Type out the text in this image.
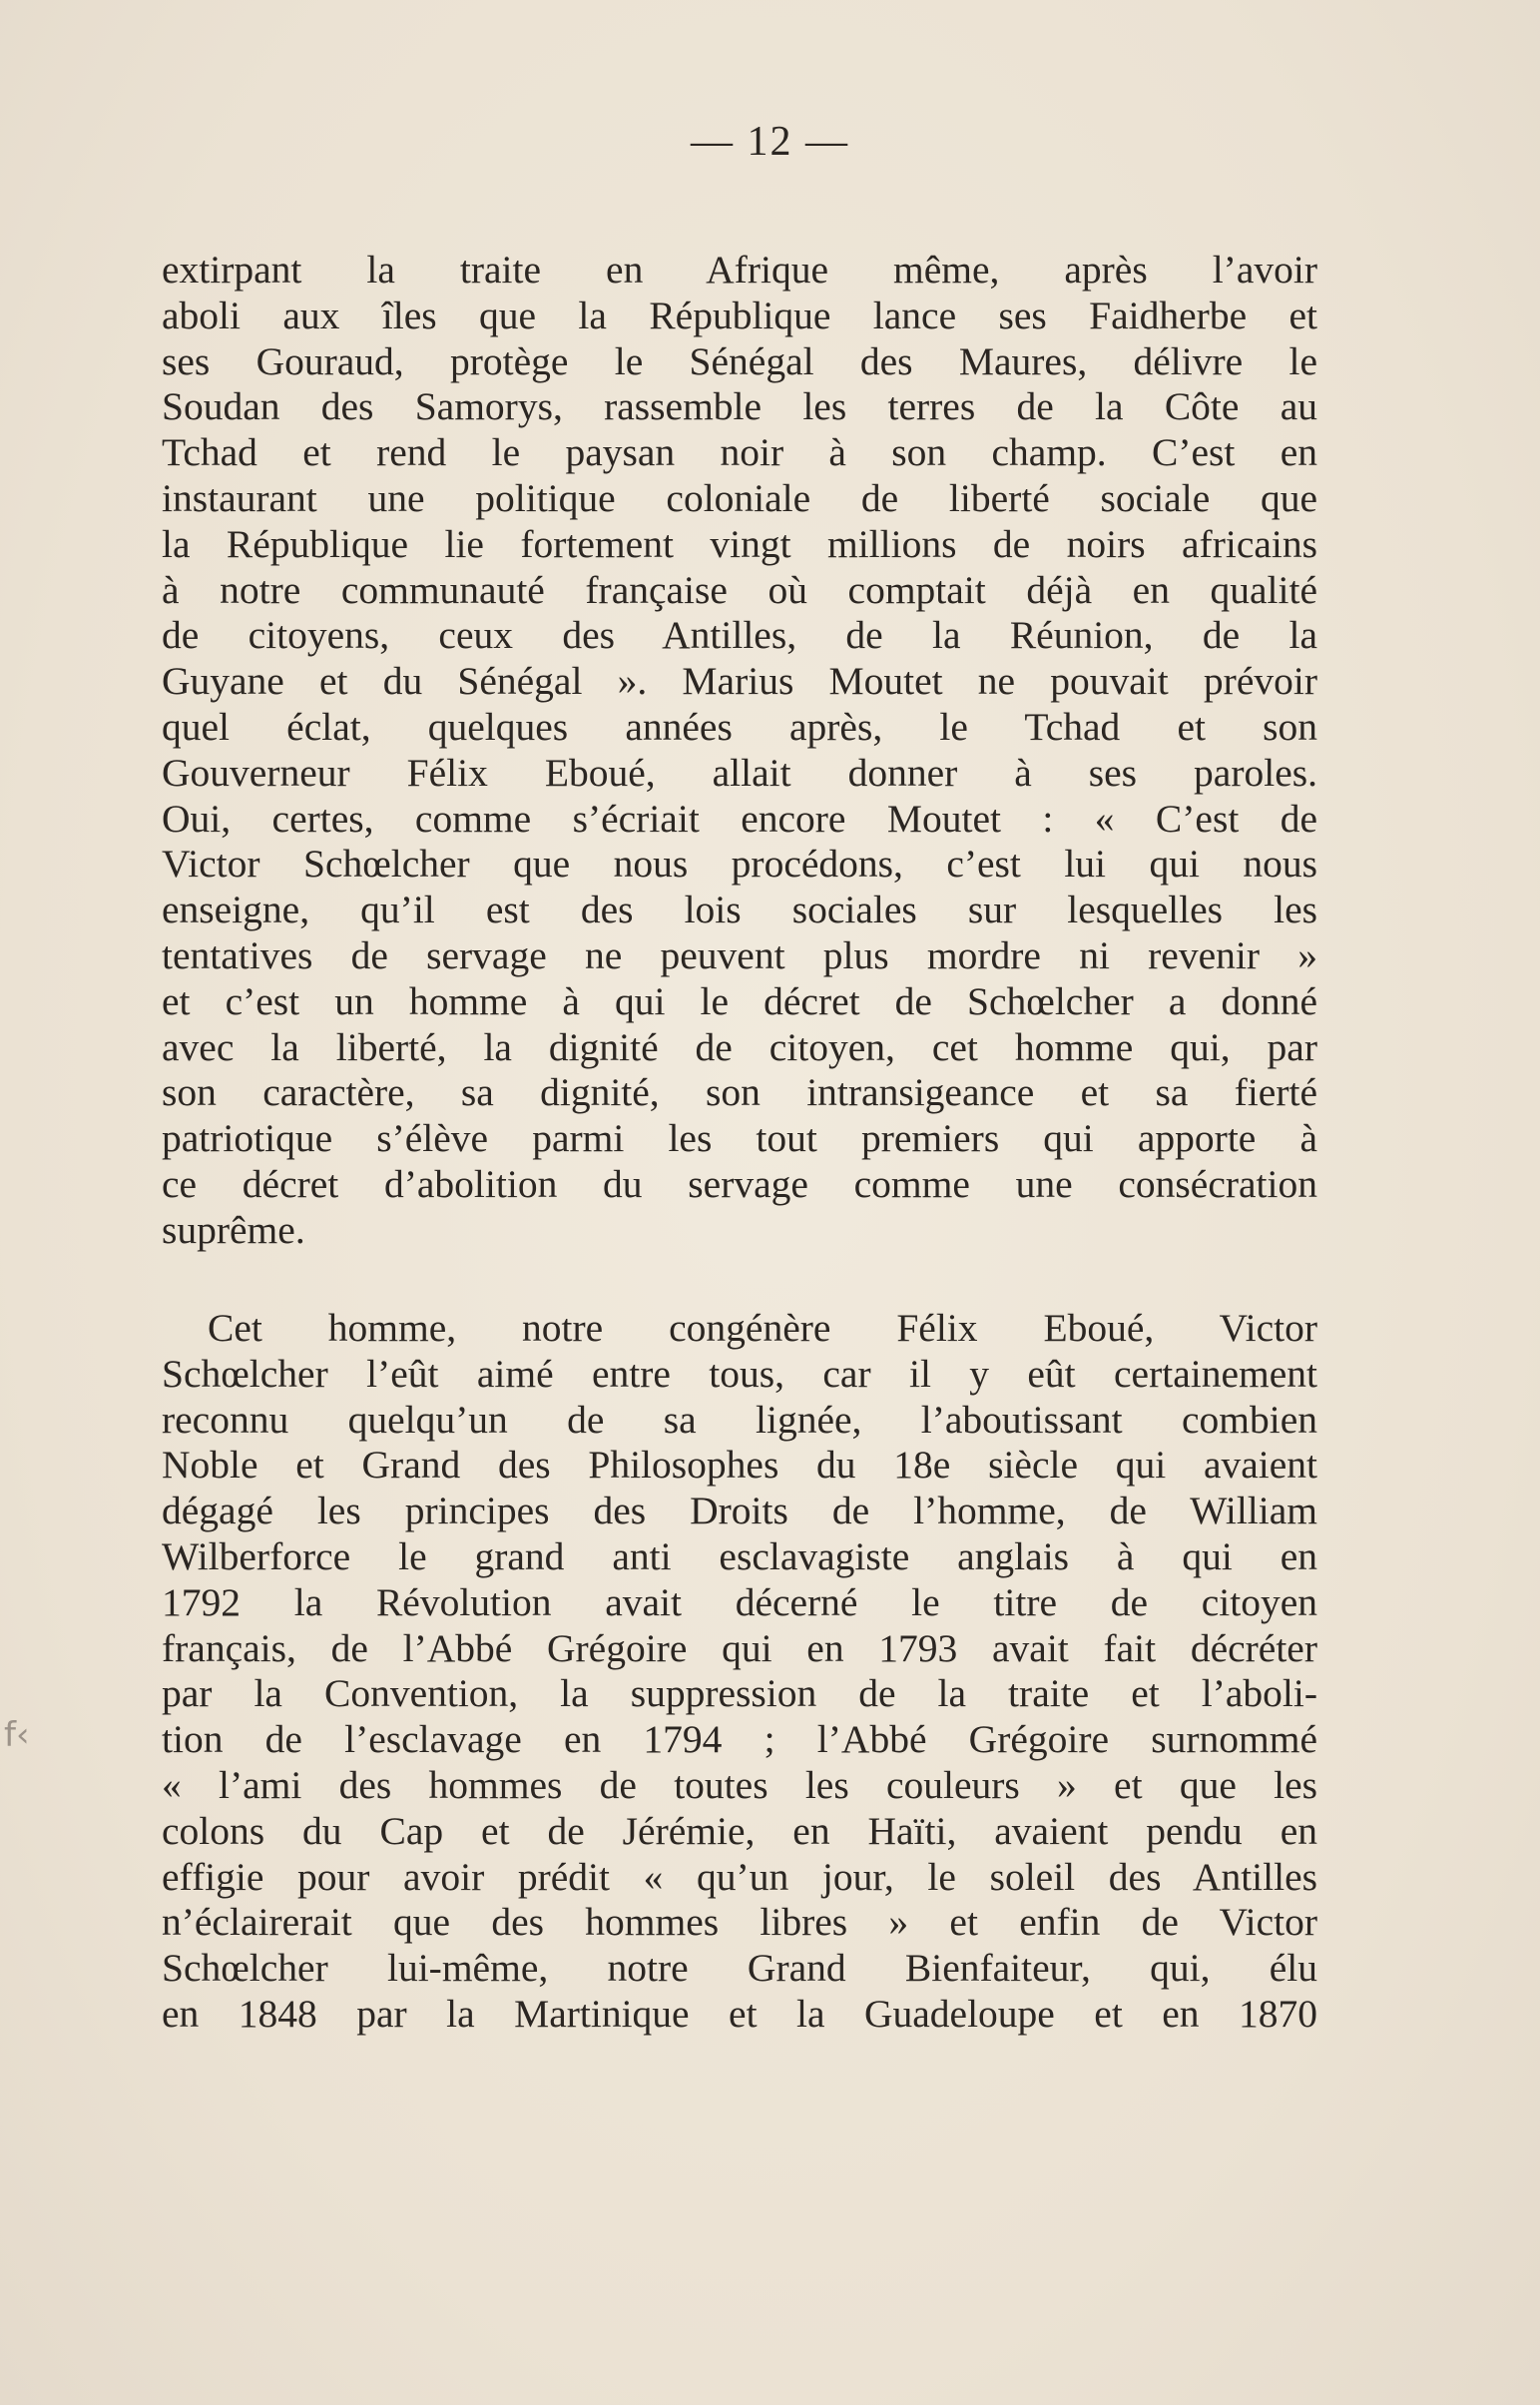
— 12 —
extirpant la traite en Afrique même, après l’avoir
aboli aux îles que la République lance ses Faidherbe et
ses Gouraud, protège le Sénégal des Maures, délivre le
Soudan des Samorys, rassemble les terres de la Côte au
Tchad et rend le paysan noir à son champ. C’est en
instaurant une politique coloniale de liberté sociale que
la République lie fortement vingt millions de noirs africains
à notre communauté française où comptait déjà en qualité
de citoyens, ceux des Antilles, de la Réunion, de la
Guyane et du Sénégal ». Marius Moutet ne pouvait prévoir
quel éclat, quelques années après, le Tchad et son
Gouverneur Félix Eboué, allait donner à ses paroles.
Oui, certes, comme s’écriait encore Moutet : « C’est de
Victor Schœlcher que nous procédons, c’est lui qui nous
enseigne, qu’il est des lois sociales sur lesquelles les
tentatives de servage ne peuvent plus mordre ni revenir »
et c’est un homme à qui le décret de Schœlcher a donné
avec la liberté, la dignité de citoyen, cet homme qui, par
son caractère, sa dignité, son intransigeance et sa fierté
patriotique s’élève parmi les tout premiers qui apporte à
ce décret d’abolition du servage comme une consécration
suprême.
Cet homme, notre congénère Félix Eboué, Victor
Schœlcher l’eût aimé entre tous, car il y eût certainement
reconnu quelqu’un de sa lignée, l’aboutissant combien
Noble et Grand des Philosophes du 18e siècle qui avaient
dégagé les principes des Droits de l’homme, de William
Wilberforce le grand anti esclavagiste anglais à qui en
1792 la Révolution avait décerné le titre de citoyen
français, de l’Abbé Grégoire qui en 1793 avait fait décréter
par la Convention, la suppression de la traite et l’aboli-
tion de l’esclavage en 1794 ; l’Abbé Grégoire surnommé
« l’ami des hommes de toutes les couleurs » et que les
colons du Cap et de Jérémie, en Haïti, avaient pendu en
effigie pour avoir prédit « qu’un jour, le soleil des Antilles
n’éclairerait que des hommes libres » et enfin de Victor
Schœlcher lui-même, notre Grand Bienfaiteur, qui, élu
en 1848 par la Martinique et la Guadeloupe et en 1870
f‹
